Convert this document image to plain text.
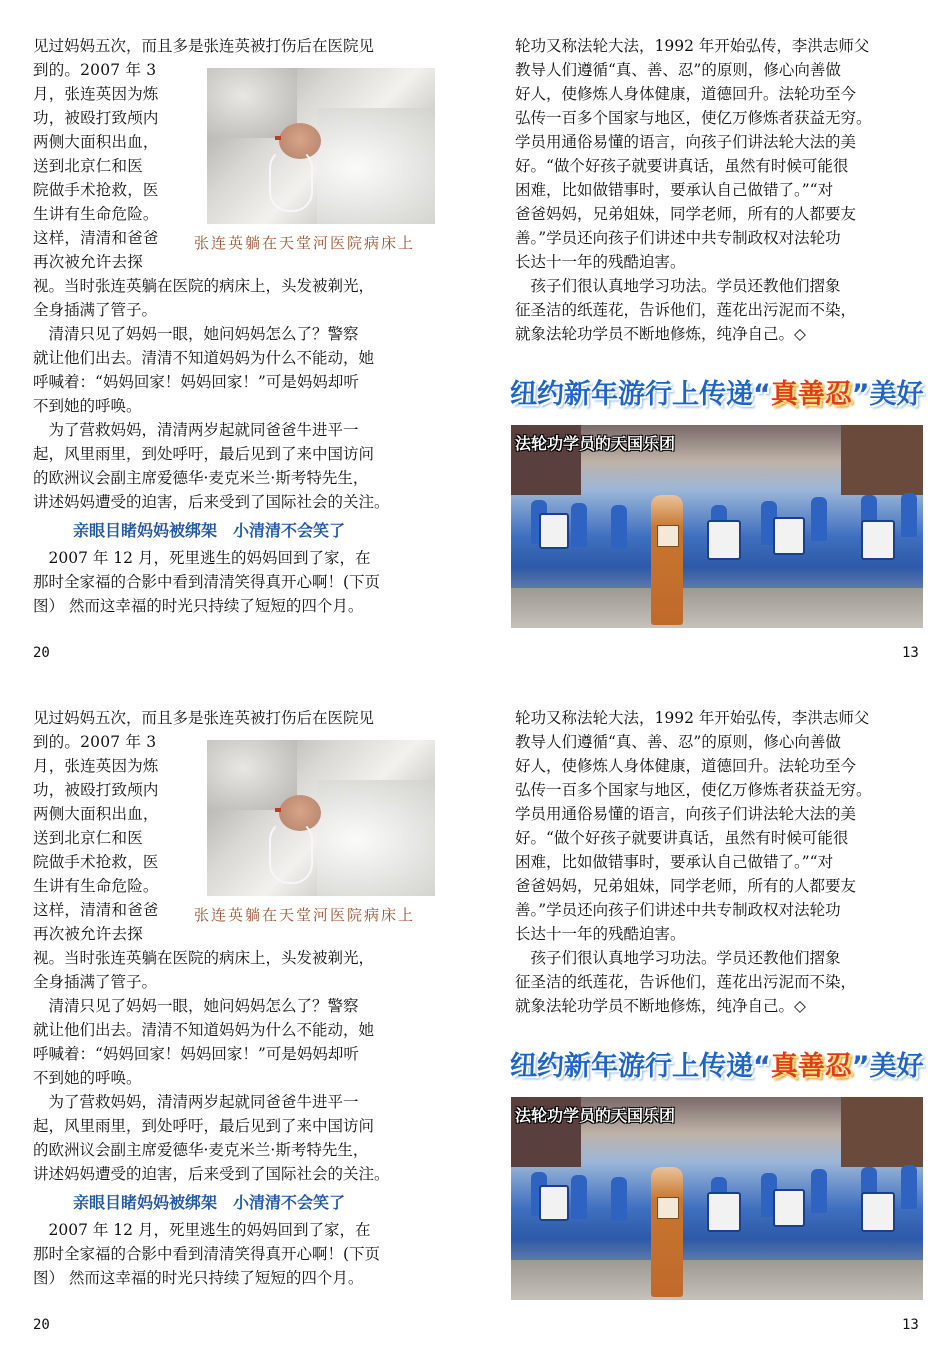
见过妈妈五次，而且多是张连英被打伤后在医院见
到的。2007 年 3
月，张连英因为炼
功，被殴打致颅内
两侧大面积出血，
送到北京仁和医
院做手术抢救，医
生讲有生命危险。
这样，清清和爸爸
再次被允许去探
张连英躺在天堂河医院病床上
视。当时张连英躺在医院的病床上，头发被剃光，
全身插满了管子。
　清清只见了妈妈一眼，她问妈妈怎么了？警察
就让他们出去。清清不知道妈妈为什么不能动，她
呼喊着：“妈妈回家！妈妈回家！”可是妈妈却听
不到她的呼唤。
　为了营救妈妈，清清两岁起就同爸爸牛进平一
起，风里雨里，到处呼吁，最后见到了来中国访问
的欧洲议会副主席爱德华·麦克米兰·斯考特先生，
讲述妈妈遭受的迫害，后来受到了国际社会的关注。
亲眼目睹妈妈被绑架　小清清不会笑了
　2007 年 12 月，死里逃生的妈妈回到了家，在
那时全家福的合影中看到清清笑得真开心啊！(下页
图） 然而这幸福的时光只持续了短短的四个月。
20
轮功又称法轮大法，1992 年开始弘传，李洪志师父
教导人们遵循“真、善、忍”的原则，修心向善做
好人，使修炼人身体健康，道德回升。法轮功至今
弘传一百多个国家与地区，使亿万修炼者获益无穷。
学员用通俗易懂的语言，向孩子们讲法轮大法的美
好。“做个好孩子就要讲真话，虽然有时候可能很
困难，比如做错事时，要承认自己做错了。”“对
爸爸妈妈，兄弟姐妹，同学老师，所有的人都要友
善。”学员还向孩子们讲述中共专制政权对法轮功
长达十一年的残酷迫害。
　孩子们很认真地学习功法。学员还教他们摺象
征圣洁的纸莲花，告诉他们，莲花出污泥而不染，
就象法轮功学员不断地修炼，纯净自己。◇
纽约新年游行上传递“真善忍”美好
法轮功学员的天国乐团
13
见过妈妈五次，而且多是张连英被打伤后在医院见
到的。2007 年 3
月，张连英因为炼
功，被殴打致颅内
两侧大面积出血，
送到北京仁和医
院做手术抢救，医
生讲有生命危险。
这样，清清和爸爸
再次被允许去探
张连英躺在天堂河医院病床上
视。当时张连英躺在医院的病床上，头发被剃光，
全身插满了管子。
　清清只见了妈妈一眼，她问妈妈怎么了？警察
就让他们出去。清清不知道妈妈为什么不能动，她
呼喊着：“妈妈回家！妈妈回家！”可是妈妈却听
不到她的呼唤。
　为了营救妈妈，清清两岁起就同爸爸牛进平一
起，风里雨里，到处呼吁，最后见到了来中国访问
的欧洲议会副主席爱德华·麦克米兰·斯考特先生，
讲述妈妈遭受的迫害，后来受到了国际社会的关注。
亲眼目睹妈妈被绑架　小清清不会笑了
　2007 年 12 月，死里逃生的妈妈回到了家，在
那时全家福的合影中看到清清笑得真开心啊！(下页
图） 然而这幸福的时光只持续了短短的四个月。
20
轮功又称法轮大法，1992 年开始弘传，李洪志师父
教导人们遵循“真、善、忍”的原则，修心向善做
好人，使修炼人身体健康，道德回升。法轮功至今
弘传一百多个国家与地区，使亿万修炼者获益无穷。
学员用通俗易懂的语言，向孩子们讲法轮大法的美
好。“做个好孩子就要讲真话，虽然有时候可能很
困难，比如做错事时，要承认自己做错了。”“对
爸爸妈妈，兄弟姐妹，同学老师，所有的人都要友
善。”学员还向孩子们讲述中共专制政权对法轮功
长达十一年的残酷迫害。
　孩子们很认真地学习功法。学员还教他们摺象
征圣洁的纸莲花，告诉他们，莲花出污泥而不染，
就象法轮功学员不断地修炼，纯净自己。◇
纽约新年游行上传递“真善忍”美好
法轮功学员的天国乐团
13
